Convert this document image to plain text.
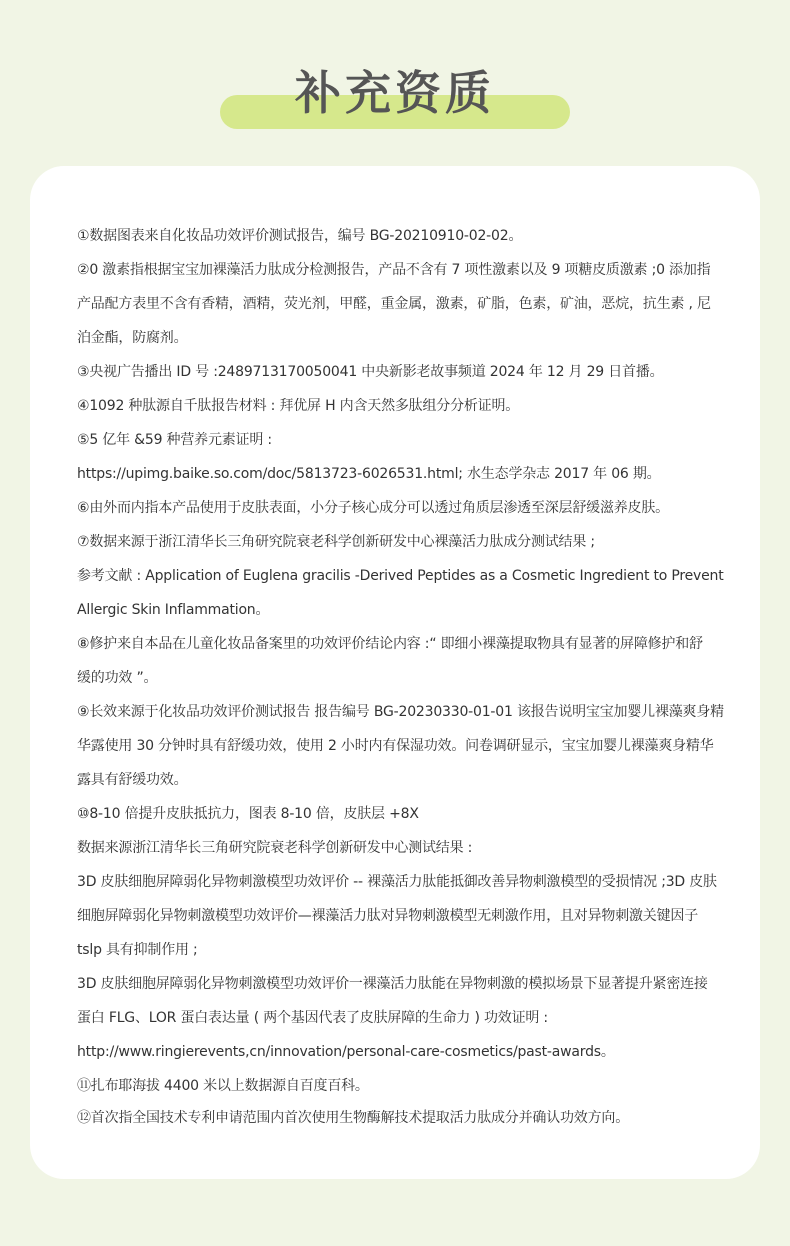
补充资质
①数据图表来自化妆品功效评价测试报告，编号 BG-20210910-02-02。
②0 激素指根据宝宝加裸藻活力肽成分检测报告，产品不含有 7 项性激素以及 9 项糖皮质激素 ;0 添加指
产品配方表里不含有香精，酒精，荧光剂，甲醛，重金属，激素，矿脂，色素，矿油，恶烷，抗生素 , 尼
泊金酯，防腐剂。
③央视广告播出 ID 号 :2489713170050041 中央新影老故事频道 2024 年 12 月 29 日首播。
④1092 种肽源自千肽报告材料 : 拜优屏 H 内含天然多肽组分分析证明。
⑤5 亿年 &59 种营养元素证明 :
https://upimg.baike.so.com/doc/5813723-6026531.html; 水生态学杂志 2017 年 06 期。
⑥由外而内指本产品使用于皮肤表面，小分子核心成分可以透过角质层渗透至深层舒缓滋养皮肤。
⑦数据来源于浙江清华长三角研究院衰老科学创新研发中心裸藻活力肽成分测试结果 ;
参考文献 : Application of Euglena gracilis -Derived Peptides as a Cosmetic Ingredient to Prevent
Allergic Skin Inflammation。
⑧修护来自本品在儿童化妆品备案里的功效评价结论内容 :“ 即细小裸藻提取物具有显著的屏障修护和舒
缓的功效 ”。
⑨长效来源于化妆品功效评价测试报告 报告编号 BG-20230330-01-01 该报告说明宝宝加婴儿裸藻爽身精
华露使用 30 分钟时具有舒缓功效，使用 2 小时内有保湿功效。问卷调研显示，宝宝加婴儿裸藻爽身精华
露具有舒缓功效。
⑩8-10 倍提升皮肤抵抗力，图表 8-10 倍，皮肤层 +8X
数据来源浙江清华长三角研究院衰老科学创新研发中心测试结果 :
3D 皮肤细胞屏障弱化异物刺激模型功效评价 -- 裸藻活力肽能抵御改善异物刺激模型的受损情况 ;3D 皮肤
细胞屏障弱化异物刺激模型功效评价—裸藻活力肽对异物刺激模型无刺激作用，且对异物刺激关键因子
tslp 具有抑制作用 ;
3D 皮肤细胞屏障弱化异物刺激模型功效评价一裸藻活力肽能在异物刺激的模拟场景下显著提升紧密连接
蛋白 FLG、LOR 蛋白表达量 ( 两个基因代表了皮肤屏障的生命力 ) 功效证明 :
http://www.ringierevents,cn/innovation/personal-care-cosmetics/past-awards。
⑪扎布耶海拔 4400 米以上数据源自百度百科。
⑫首次指全国技术专利申请范围内首次使用生物酶解技术提取活力肽成分并确认功效方向。
